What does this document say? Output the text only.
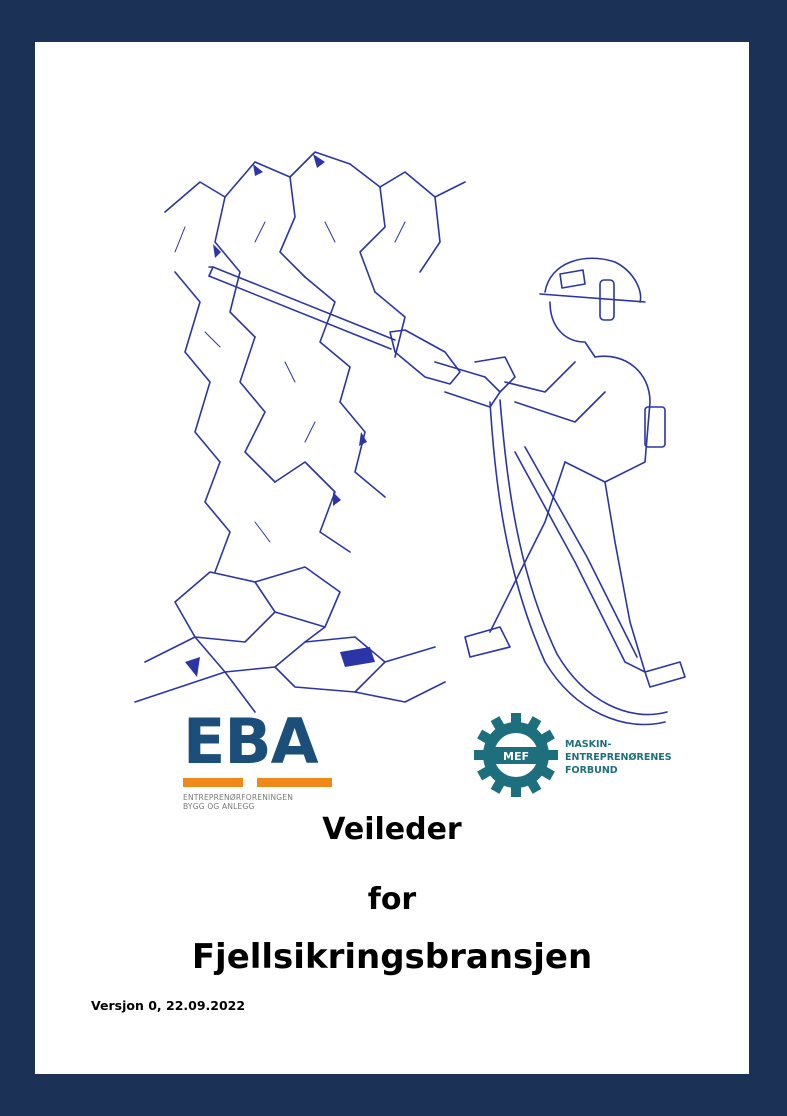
EBA
ENTREPRENØRFORENINGEN
BYGG OG ANLEGG
MEF
MASKIN-
ENTREPRENØRENES
FORBUND
Veileder
for
Fjellsikringsbransjen
Versjon 0, 22.09.2022
